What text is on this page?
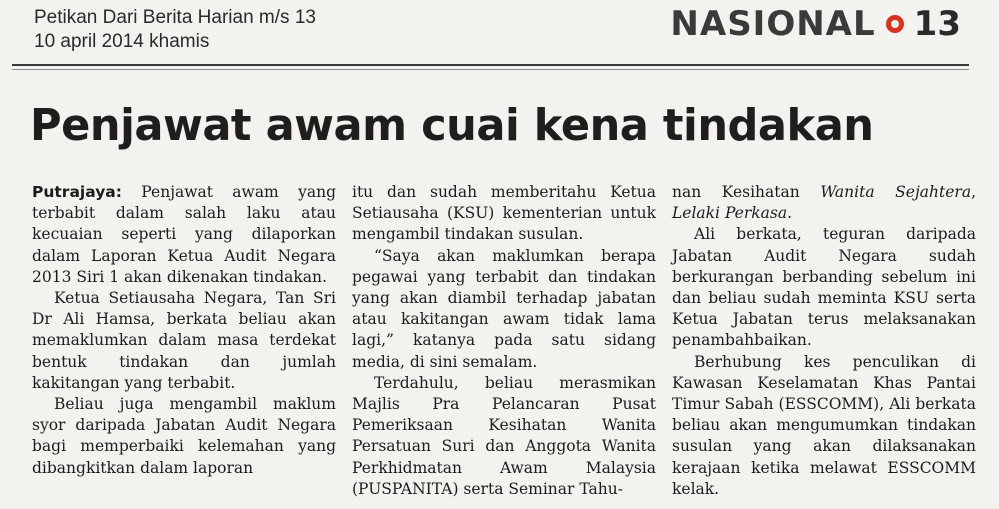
Petikan Dari Berita Harian m/s 13
10 april 2014 khamis	NASIONAL 13
Penjawat awam cuai kena tindakan

Putrajaya: Penjawat awam yang terbabit dalam salah laku atau kecuaian seperti yang dilaporkan dalam Laporan Ketua Audit Negara 2013 Siri 1 akan dikenakan tindakan.

Ketua Setiausaha Negara, Tan Sri Dr Ali Hamsa, berkata beliau akan memaklumkan dalam masa terdekat bentuk tindakan dan jumlah kakitangan yang terbabit.

Beliau juga mengambil maklum syor daripada Jabatan Audit Negara bagi memperbaiki kelemahan yang dibangkitkan dalam laporan

itu dan sudah memberitahu Ketua Setiausaha (KSU) kementerian untuk mengambil tindakan susulan.

“Saya akan maklumkan berapa pegawai yang terbabit dan tindakan yang akan diambil terhadap jabatan atau kakitangan awam tidak lama lagi,” katanya pada satu sidang media, di sini semalam.

Terdahulu, beliau merasmikan Majlis Pra Pelancaran Pusat Pemeriksaan Kesihatan Wanita Persatuan Suri dan Anggota Wanita Perkhidmatan Awam Malaysia (PUSPANITA) serta Seminar Tahu-

nan Kesihatan Wanita Sejahtera, Lelaki Perkasa.

Ali berkata, teguran daripada Jabatan Audit Negara sudah berkurangan berbanding sebelum ini dan beliau sudah meminta KSU serta Ketua Jabatan terus melaksanakan penambahbaikan.

Berhubung kes penculikan di Kawasan Keselamatan Khas Pantai Timur Sabah (ESSCOMM), Ali berkata beliau akan mengumumkan tindakan susulan yang akan dilaksanakan kerajaan ketika melawat ESSCOMM kelak.
